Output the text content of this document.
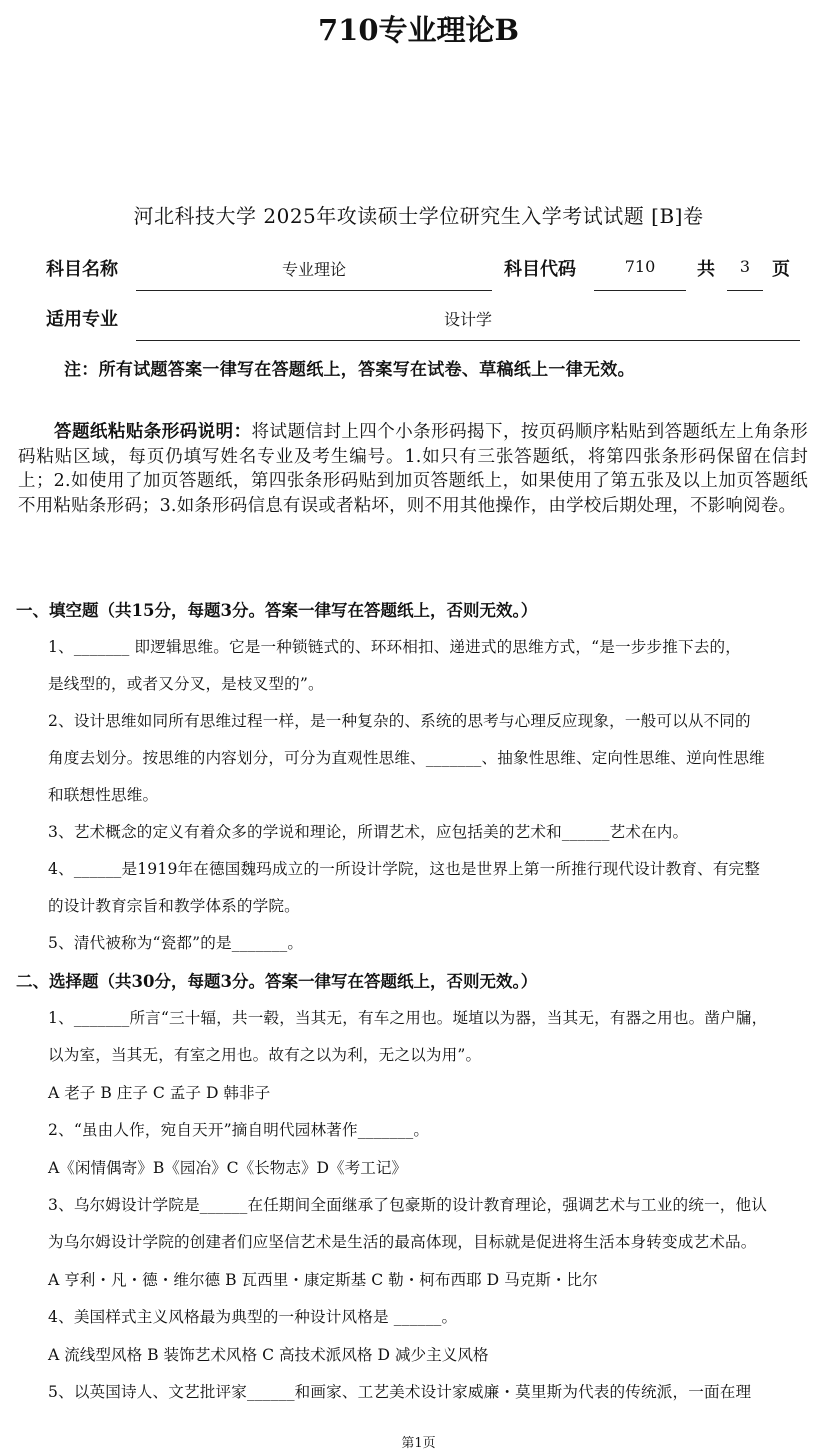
710专业理论B
河北科技大学 2025年攻读硕士学位研究生入学考试试题 [B]卷
科目名称	专业理论	科目代码	710	共	3	页
适用专业	设计学
注：所有试题答案一律写在答题纸上，答案写在试卷、草稿纸上一律无效。

答题纸粘贴条形码说明：将试题信封上四个小条形码揭下，按页码顺序粘贴到答题纸左上角条形码粘贴区域，每页仍填写姓名专业及考生编号。1.如只有三张答题纸，将第四张条形码保留在信封上；2.如使用了加页答题纸，第四张条形码贴到加页答题纸上，如果使用了第五张及以上加页答题纸不用粘贴条形码；3.如条形码信息有误或者粘坏，则不用其他操作，由学校后期处理，不影响阅卷。

一、填空题（共15分，每题3分。答案一律写在答题纸上，否则无效。）
1、_______ 即逻辑思维。它是一种锁链式的、环环相扣、递进式的思维方式，“是一步步推下去的，
是线型的，或者又分叉，是枝叉型的”。
2、设计思维如同所有思维过程一样，是一种复杂的、系统的思考与心理反应现象，一般可以从不同的
角度去划分。按思维的内容划分，可分为直观性思维、_______、抽象性思维、定向性思维、逆向性思维
和联想性思维。
3、艺术概念的定义有着众多的学说和理论，所谓艺术，应包括美的艺术和______艺术在内。
4、______是1919年在德国魏玛成立的一所设计学院，这也是世界上第一所推行现代设计教育、有完整
的设计教育宗旨和教学体系的学院。
5、清代被称为“瓷都”的是_______。
二、选择题（共30分，每题3分。答案一律写在答题纸上，否则无效。）
1、_______所言“三十辐，共一毂，当其无，有车之用也。埏埴以为器，当其无，有器之用也。凿户牖，
以为室，当其无，有室之用也。故有之以为利，无之以为用”。
A 老子 B 庄子 C 孟子 D 韩非子
2、“虽由人作，宛自天开”摘自明代园林著作_______。
A《闲情偶寄》B《园冶》C《长物志》D《考工记》
3、乌尔姆设计学院是______在任期间全面继承了包豪斯的设计教育理论，强调艺术与工业的统一，他认
为乌尔姆设计学院的创建者们应坚信艺术是生活的最高体现，目标就是促进将生活本身转变成艺术品。
A 亨利・凡・德・维尔德 B 瓦西里・康定斯基 C 勒・柯布西耶 D 马克斯・比尔
4、美国样式主义风格最为典型的一种设计风格是 ______。
A 流线型风格 B 装饰艺术风格 C 高技术派风格 D 减少主义风格
5、以英国诗人、文艺批评家______和画家、工艺美术设计家威廉・莫里斯为代表的传统派，一面在理
第1页
